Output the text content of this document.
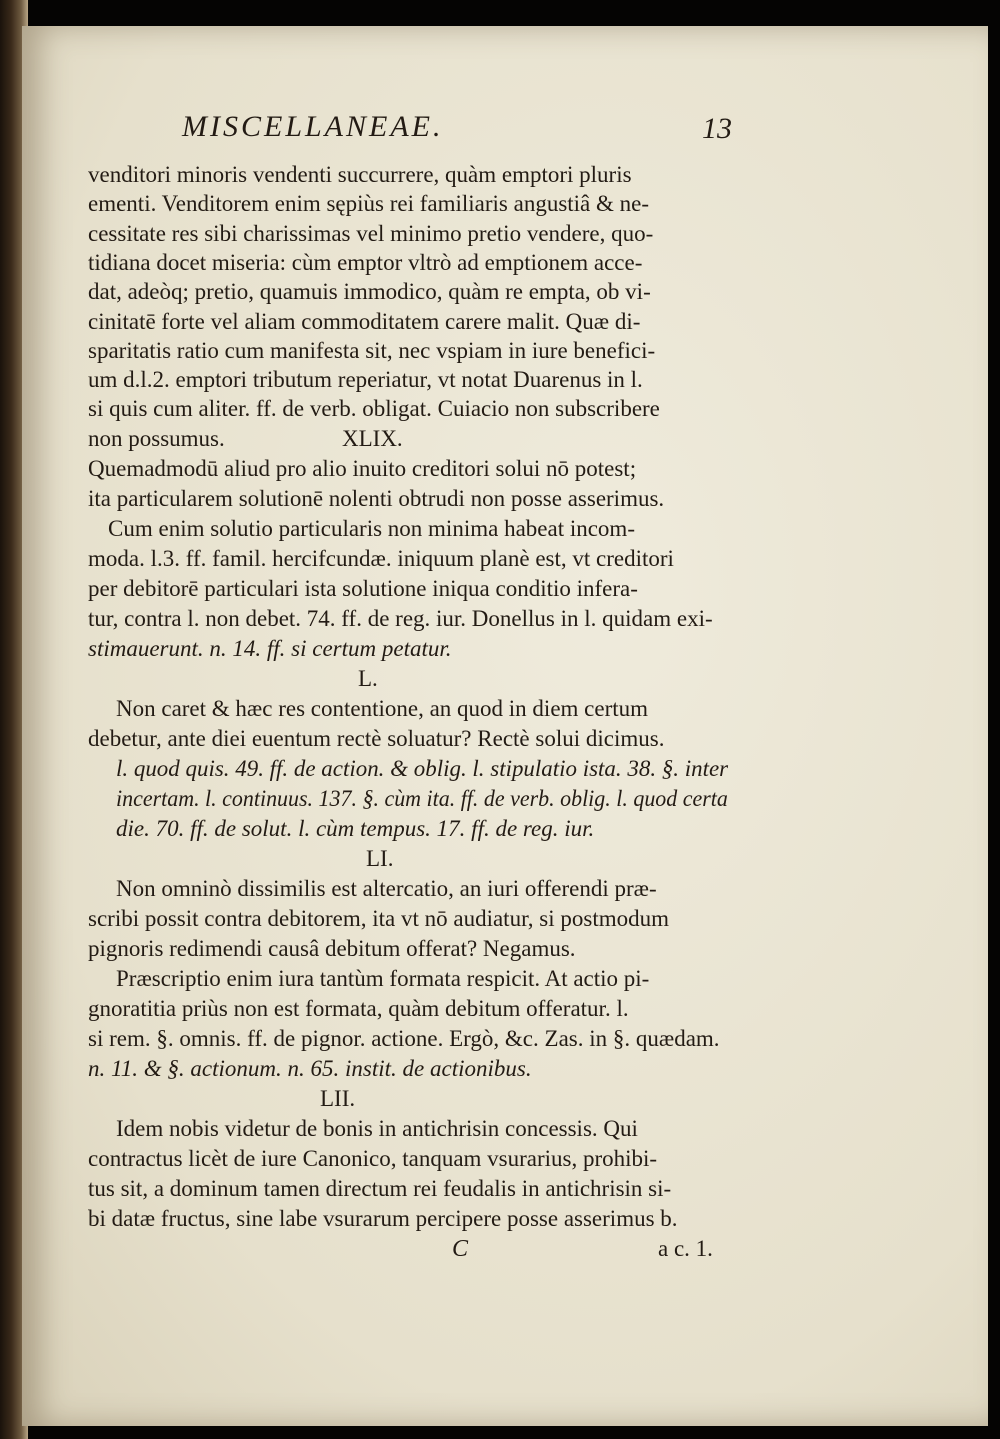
MISCELLANEAE.	13
venditori minoris vendenti succurrere, quàm emptori pluris
ementi. Venditorem enim sępiùs rei familiaris angustiâ & ne-
cessitate res sibi charissimas vel minimo pretio vendere, quo-
tidiana docet miseria: cùm emptor vltrò ad emptionem acce-
dat, adeòq; pretio, quamuis immodico, quàm re empta, ob vi-
cinitatē forte vel aliam commoditatem carere malit. Quæ di-
sparitatis ratio cum manifesta sit, nec vspiam in iure benefici-
um d.l.2. emptori tributum reperiatur, vt notat Duarenus in l.
si quis cum aliter. ff. de verb. obligat. Cuiacio non subscribere
non possumus.	XLIX.
Quemadmodū aliud pro alio inuito creditori solui nō potest;
ita particularem solutionē nolenti obtrudi non posse asserimus.
Cum enim solutio particularis non minima habeat incom-
moda. l.3. ff. famil. hercifcundæ. iniquum planè est, vt creditori
per debitorē particulari ista solutione iniqua conditio infera-
tur, contra l. non debet. 74. ff. de reg. iur. Donellus in l. quidam exi-
stimauerunt. n. 14. ff. si certum petatur.
L.
Non caret & hæc res contentione, an quod in diem certum
debetur, ante diei euentum rectè soluatur? Rectè solui dicimus.
l. quod quis. 49. ff. de action. & oblig. l. stipulatio ista. 38. §. inter
incertam. l. continuus. 137. §. cùm ita. ff. de verb. oblig. l. quod certa
die. 70. ff. de solut. l. cùm tempus. 17. ff. de reg. iur.
LI.
Non omninò dissimilis est altercatio, an iuri offerendi præ-
scribi possit contra debitorem, ita vt nō audiatur, si postmodum
pignoris redimendi causâ debitum offerat? Negamus.
Præscriptio enim iura tantùm formata respicit. At actio pi-
gnoratitia priùs non est formata, quàm debitum offeratur. l.
si rem. §. omnis. ff. de pignor. actione. Ergò, &c. Zas. in §. quædam.
n. 11. & §. actionum. n. 65. instit. de actionibus.
LII.
Idem nobis videtur de bonis in antichrisin concessis. Qui
contractus licèt de iure Canonico, tanquam vsurarius, prohibi-
tus sit, a dominum tamen directum rei feudalis in antichrisin si-
bi datæ fructus, sine labe vsurarum percipere posse asserimus b.
C	a c. 1.
